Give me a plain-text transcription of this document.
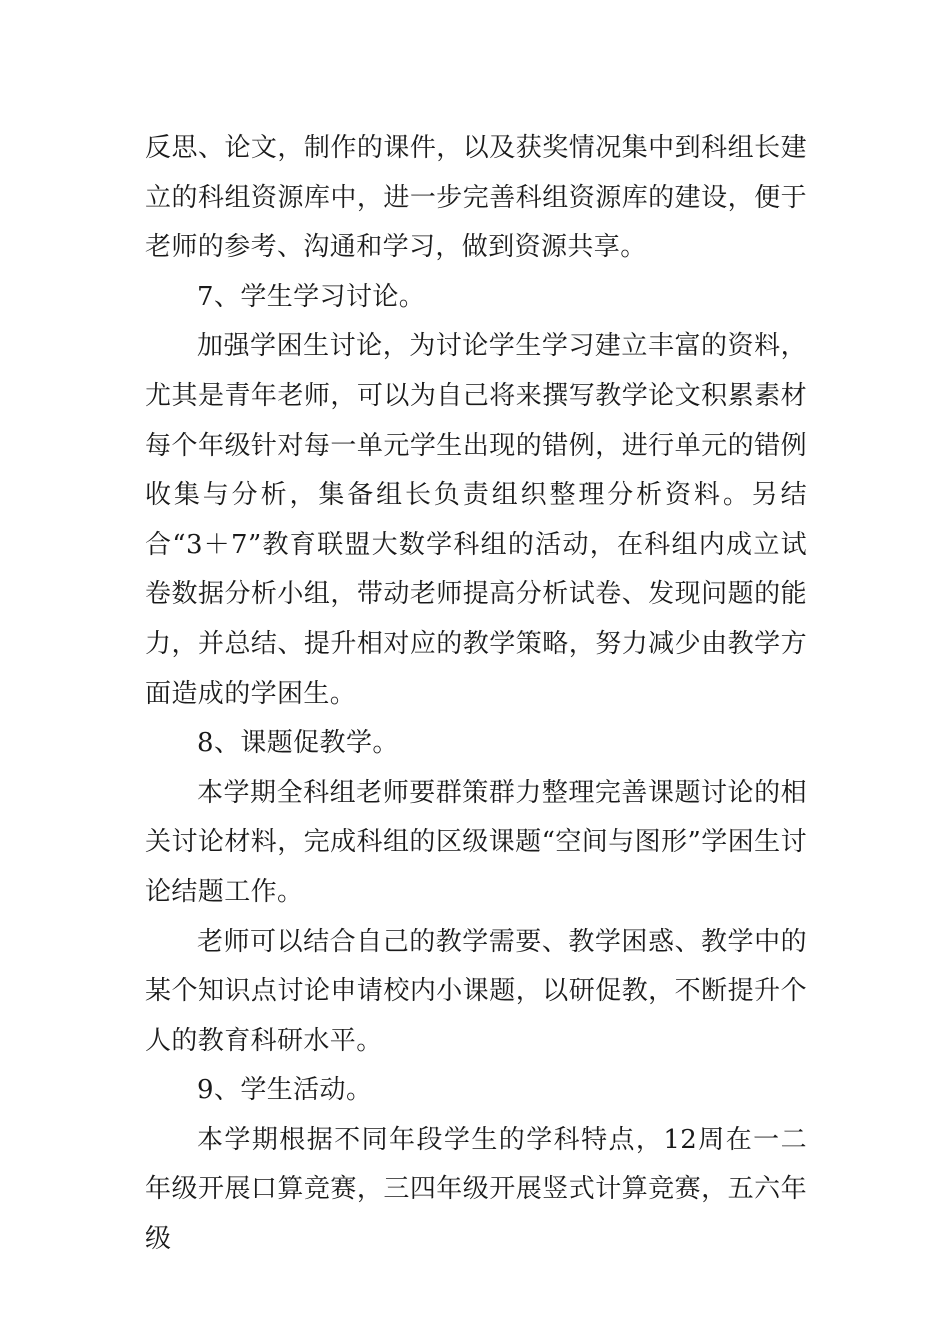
反思、论文，制作的课件，以及获奖情况集中到科组长建立的科组资源库中，进一步完善科组资源库的建设，便于老师的参考、沟通和学习，做到资源共享。

7、学生学习讨论。

加强学困生讨论，为讨论学生学习建立丰富的资料，尤其是青年老师，可以为自己将来撰写教学论文积累素材每个年级针对每一单元学生出现的错例，进行单元的错例收集与分析，集备组长负责组织整理分析资料。另结合“3＋7”教育联盟大数学科组的活动，在科组内成立试卷数据分析小组，带动老师提高分析试卷、发现问题的能力，并总结、提升相对应的教学策略，努力减少由教学方面造成的学困生。

8、课题促教学。

本学期全科组老师要群策群力整理完善课题讨论的相关讨论材料，完成科组的区级课题“空间与图形”学困生讨论结题工作。

老师可以结合自己的教学需要、教学困惑、教学中的某个知识点讨论申请校内小课题，以研促教，不断提升个人的教育科研水平。

9、学生活动。

本学期根据不同年段学生的学科特点，12周在一二年级开展口算竞赛，三四年级开展竖式计算竞赛，五六年级
